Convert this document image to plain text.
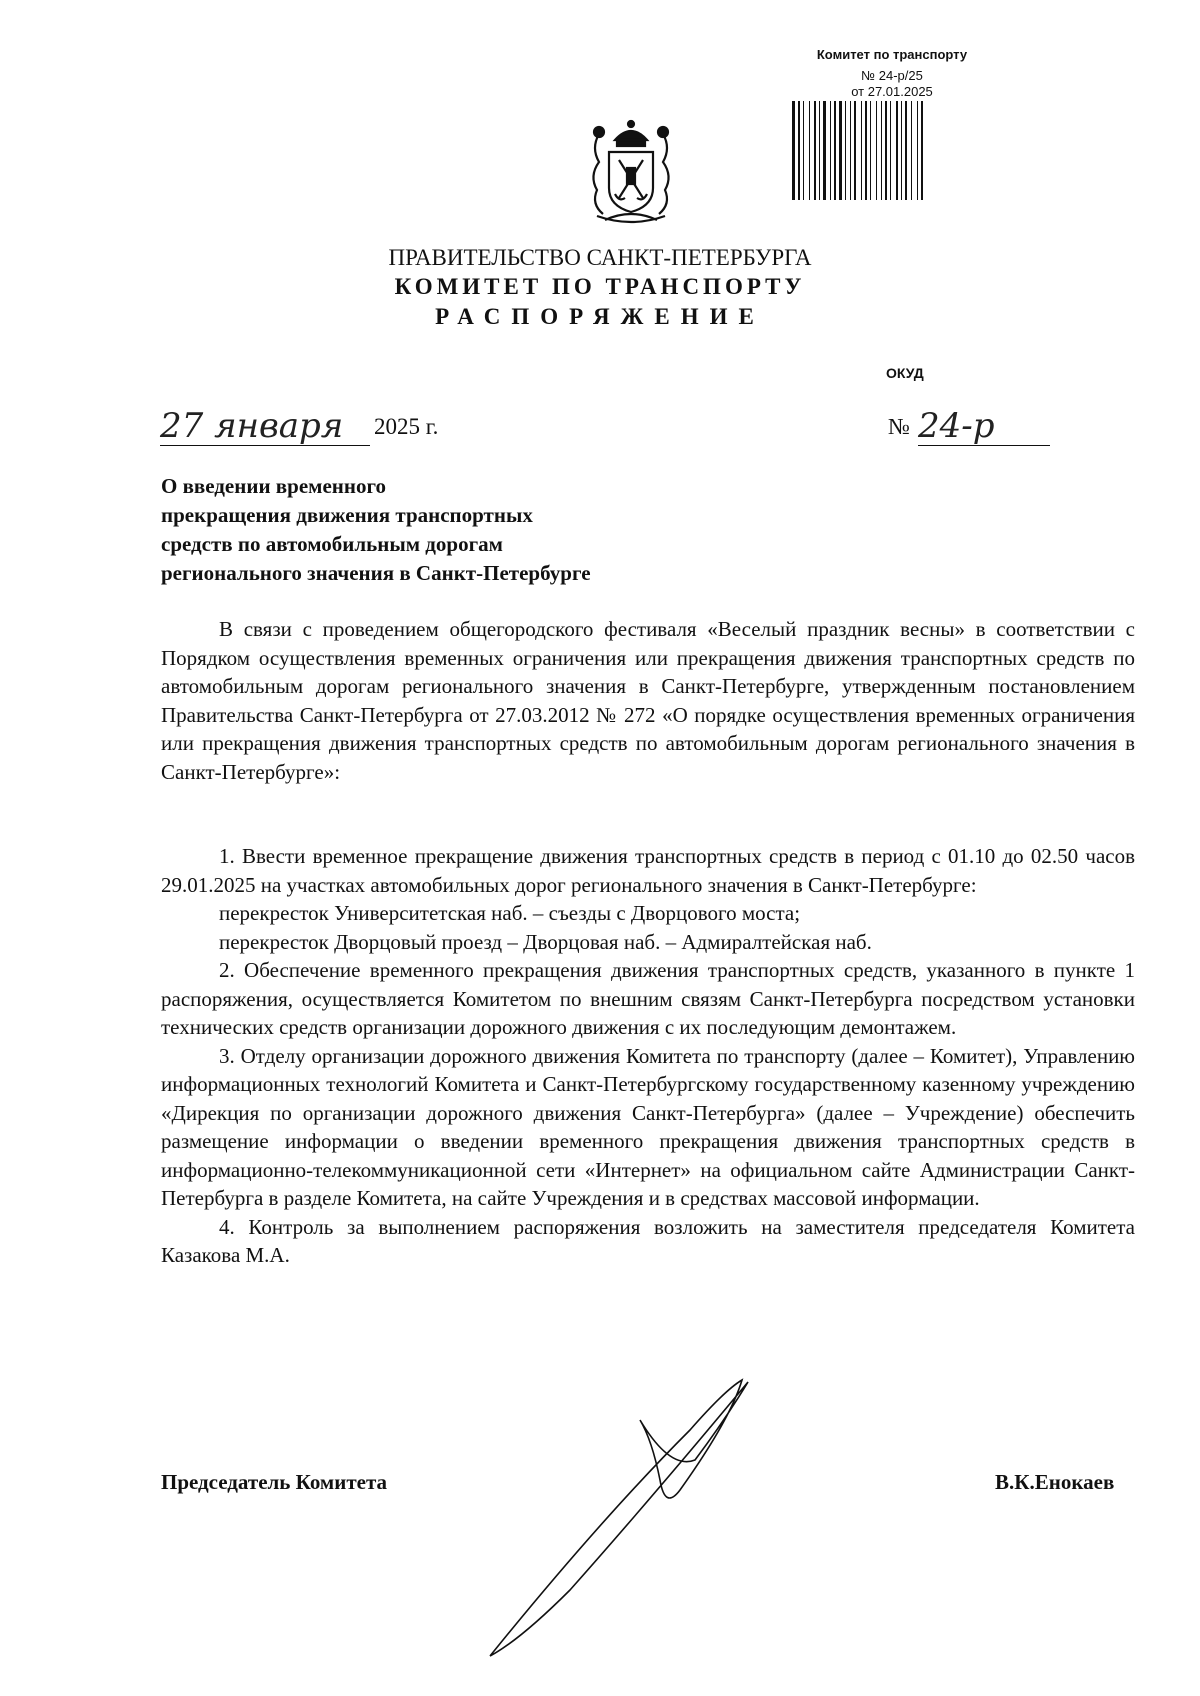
Комитет по транспорту
№ 24-р/25
от 27.01.2025
ПРАВИТЕЛЬСТВО САНКТ-ПЕТЕРБУРГА
КОМИТЕТ ПО ТРАНСПОРТУ
РАСПОРЯЖЕНИЕ
ОКУД
27 января	2025 г.	№ 24-р
О введении временного
прекращения движения транспортных
средств по автомобильным дорогам
регионального значения в Санкт-Петербурге
В связи с проведением общегородского фестиваля «Веселый праздник весны» в соответствии с Порядком осуществления временных ограничения или прекращения движения транспортных средств по автомобильным дорогам регионального значения в Санкт-Петербурге, утвержденным постановлением Правительства Санкт-Петербурга от 27.03.2012 № 272 «О порядке осуществления временных ограничения или прекращения движения транспортных средств по автомобильным дорогам регионального значения в Санкт-Петербурге»:
1. Ввести временное прекращение движения транспортных средств в период с 01.10 до 02.50 часов 29.01.2025 на участках автомобильных дорог регионального значения в Санкт-Петербурге:
перекресток Университетская наб. – съезды с Дворцового моста;
перекресток Дворцовый проезд – Дворцовая наб. – Адмиралтейская наб.
2. Обеспечение временного прекращения движения транспортных средств, указанного в пункте 1 распоряжения, осуществляется Комитетом по внешним связям Санкт-Петербурга посредством установки технических средств организации дорожного движения с их последующим демонтажем.
3. Отделу организации дорожного движения Комитета по транспорту (далее – Комитет), Управлению информационных технологий Комитета и Санкт-Петербургскому государственному казенному учреждению «Дирекция по организации дорожного движения Санкт-Петербурга» (далее – Учреждение) обеспечить размещение информации о введении временного прекращения движения транспортных средств в информационно-телекоммуникационной сети «Интернет» на официальном сайте Администрации Санкт-Петербурга в разделе Комитета, на сайте Учреждения и в средствах массовой информации.
4. Контроль за выполнением распоряжения возложить на заместителя председателя Комитета Казакова М.А.
Председатель Комитета	В.К.Енокаев
